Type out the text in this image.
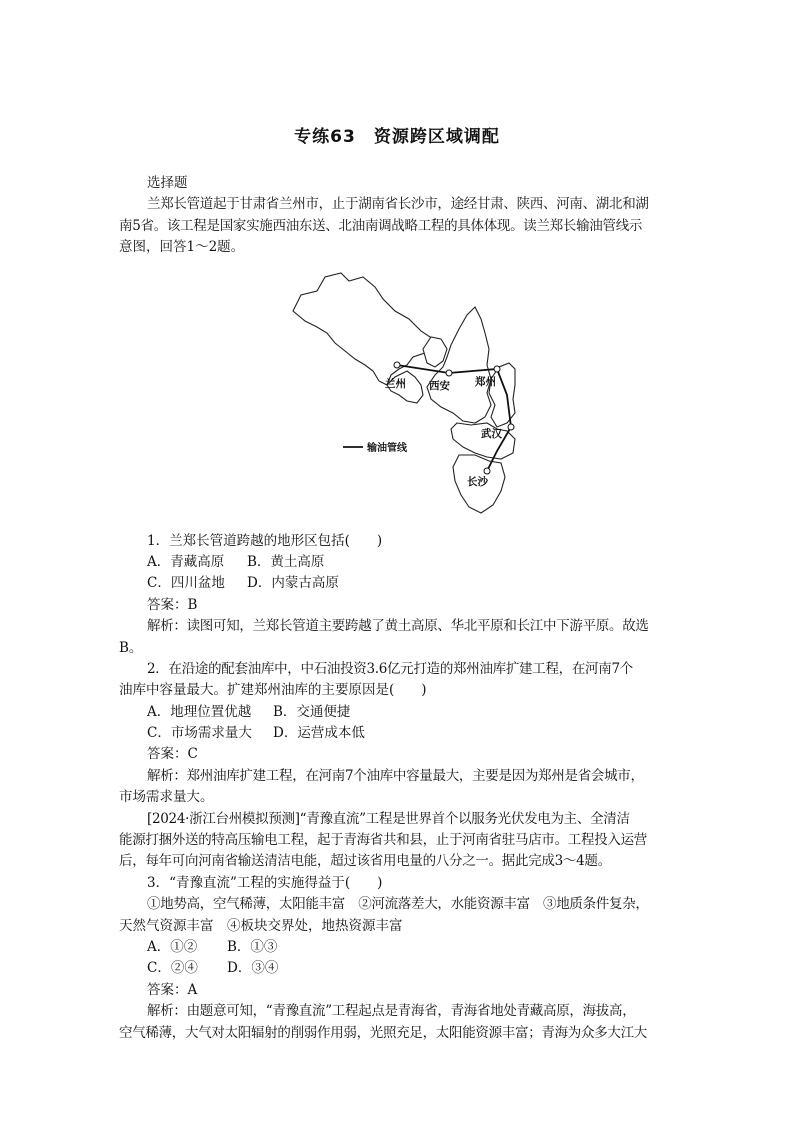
专练63　资源跨区域调配
选择题
兰郑长管道起于甘肃省兰州市，止于湖南省长沙市，途经甘肃、陕西、河南、湖北和湖
南5省。该工程是国家实施西油东送、北油南调战略工程的具体体现。读兰郑长输油管线示
意图，回答1～2题。
兰州 西安 郑州
武汉
长沙
输油管线
1．兰郑长管道跨越的地形区包括(　　)
A．青藏高原 B．黄土高原
C．四川盆地 D．内蒙古高原
答案：B
解析：读图可知，兰郑长管道主要跨越了黄土高原、华北平原和长江中下游平原。故选
B。
2．在沿途的配套油库中，中石油投资3.6亿元打造的郑州油库扩建工程，在河南7个
油库中容量最大。扩建郑州油库的主要原因是(　　)
A．地理位置优越 B．交通便捷
C．市场需求量大 D．运营成本低
答案：C
解析：郑州油库扩建工程，在河南7个油库中容量最大，主要是因为郑州是省会城市，
市场需求量大。
[2024·浙江台州模拟预测]“青豫直流”工程是世界首个以服务光伏发电为主、全清洁
能源打捆外送的特高压输电工程，起于青海省共和县，止于河南省驻马店市。工程投入运营
后，每年可向河南省输送清洁电能，超过该省用电量的八分之一。据此完成3～4题。
3．“青豫直流”工程的实施得益于(　　)
①地势高，空气稀薄，太阳能丰富　②河流落差大，水能资源丰富　③地质条件复杂，
天然气资源丰富　④板块交界处，地热资源丰富
A．①② B．①③
C．②④ D．③④
答案：A
解析：由题意可知，“青豫直流”工程起点是青海省，青海省地处青藏高原，海拔高，
空气稀薄，大气对太阳辐射的削弱作用弱，光照充足，太阳能资源丰富；青海为众多大江大
